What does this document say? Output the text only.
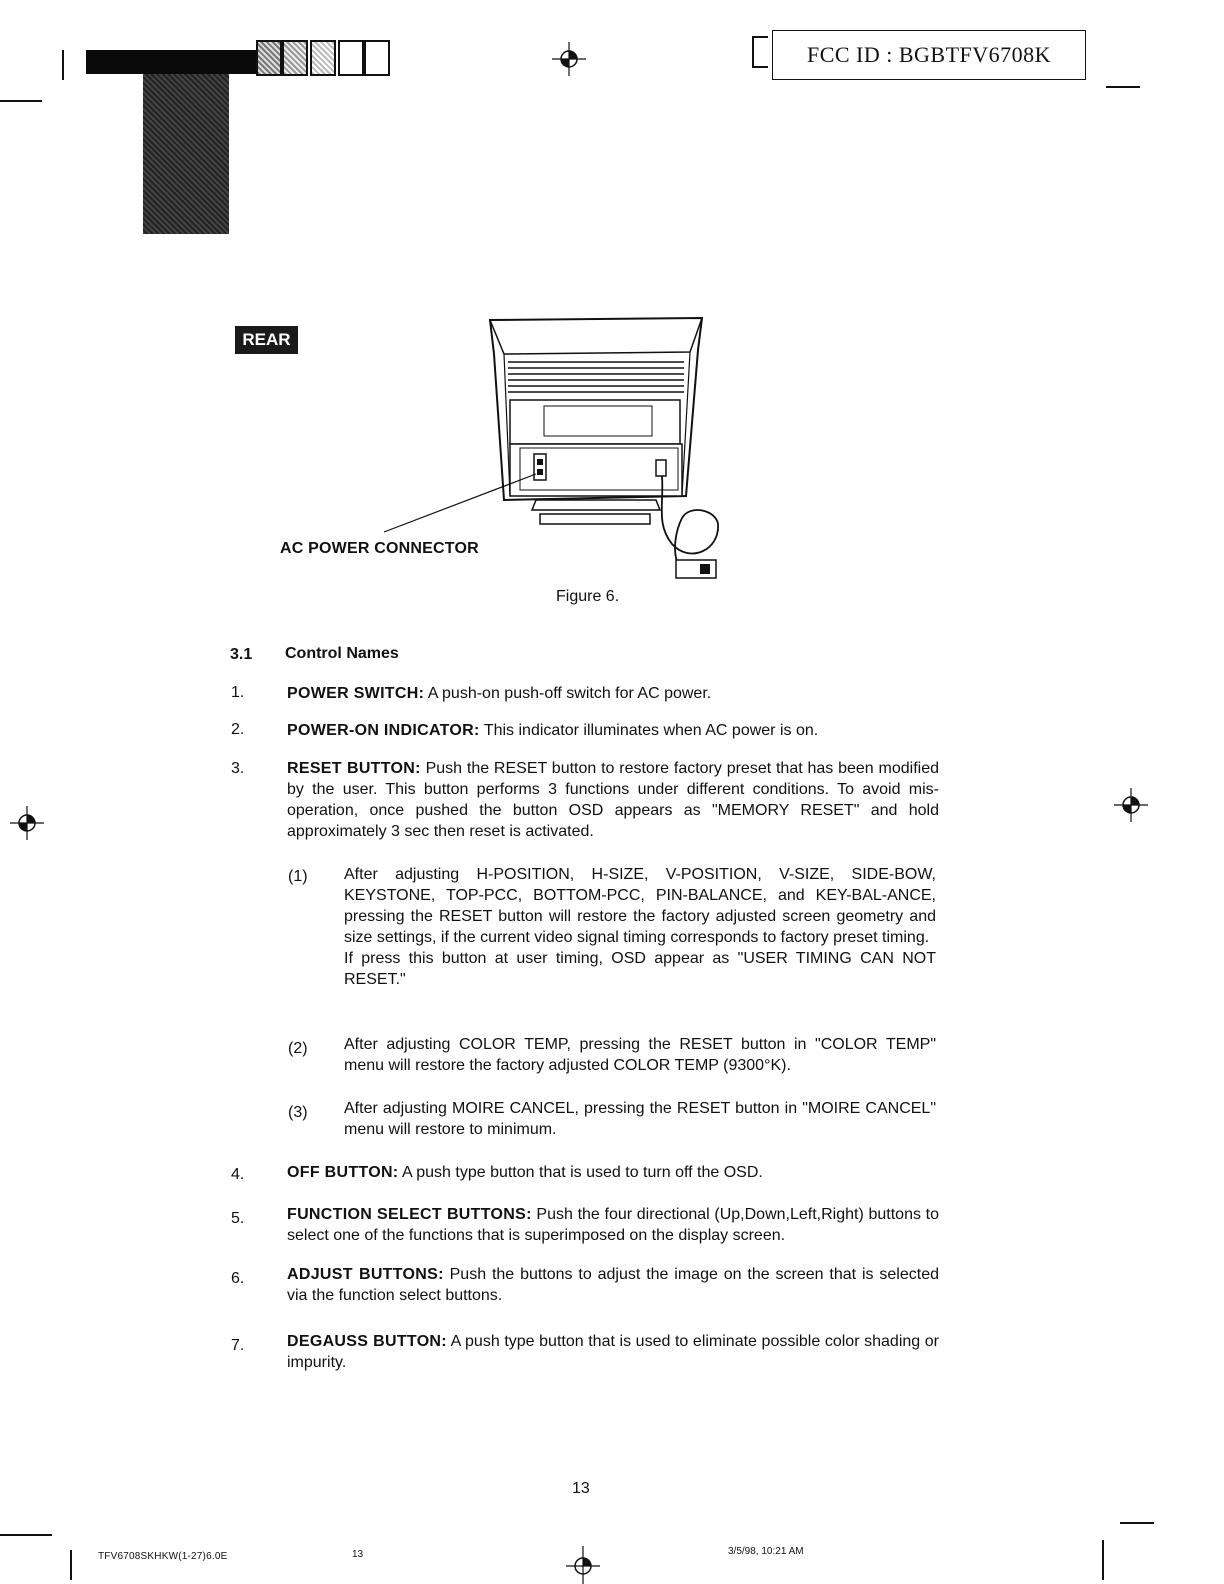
FCC ID : BGBTFV6708K
REAR
AC POWER CONNECTOR
Figure 6.
3.1 Control Names
1.	POWER SWITCH: A push-on push-off switch for AC power.
2.	POWER-ON INDICATOR: This indicator illuminates when AC power is on.
3.	RESET BUTTON: Push the RESET button to restore factory preset that has been modified by the user. This button performs 3 functions under different conditions. To avoid mis-operation, once pushed the button OSD appears as "MEMORY RESET" and hold approximately 3 sec then reset is activated.
(1) After adjusting H-POSITION, H-SIZE, V-POSITION, V-SIZE, SIDE-BOW, KEYSTONE, TOP-PCC, BOTTOM-PCC, PIN-BALANCE, and KEY-BAL-ANCE, pressing the RESET button will restore the factory adjusted screen geometry and size settings, if the current video signal timing corresponds to factory preset timing.
If press this button at user timing, OSD appear as "USER TIMING CAN NOT RESET."
(2) After adjusting COLOR TEMP, pressing the RESET button in "COLOR TEMP" menu will restore the factory adjusted COLOR TEMP (9300°K).
(3) After adjusting MOIRE CANCEL, pressing the RESET button in "MOIRE CANCEL" menu will restore to minimum.
4.	OFF BUTTON: A push type button that is used to turn off the OSD.
5.	FUNCTION SELECT BUTTONS: Push the four directional (Up,Down,Left,Right) buttons to select one of the functions that is superimposed on the display screen.
6.	ADJUST BUTTONS: Push the buttons to adjust the image on the screen that is selected via the function select buttons.
7.	DEGAUSS BUTTON: A push type button that is used to eliminate possible color shading or impurity.
13
TFV6708SKHKW(1-27)6.0E	13	3/5/98, 10:21 AM
